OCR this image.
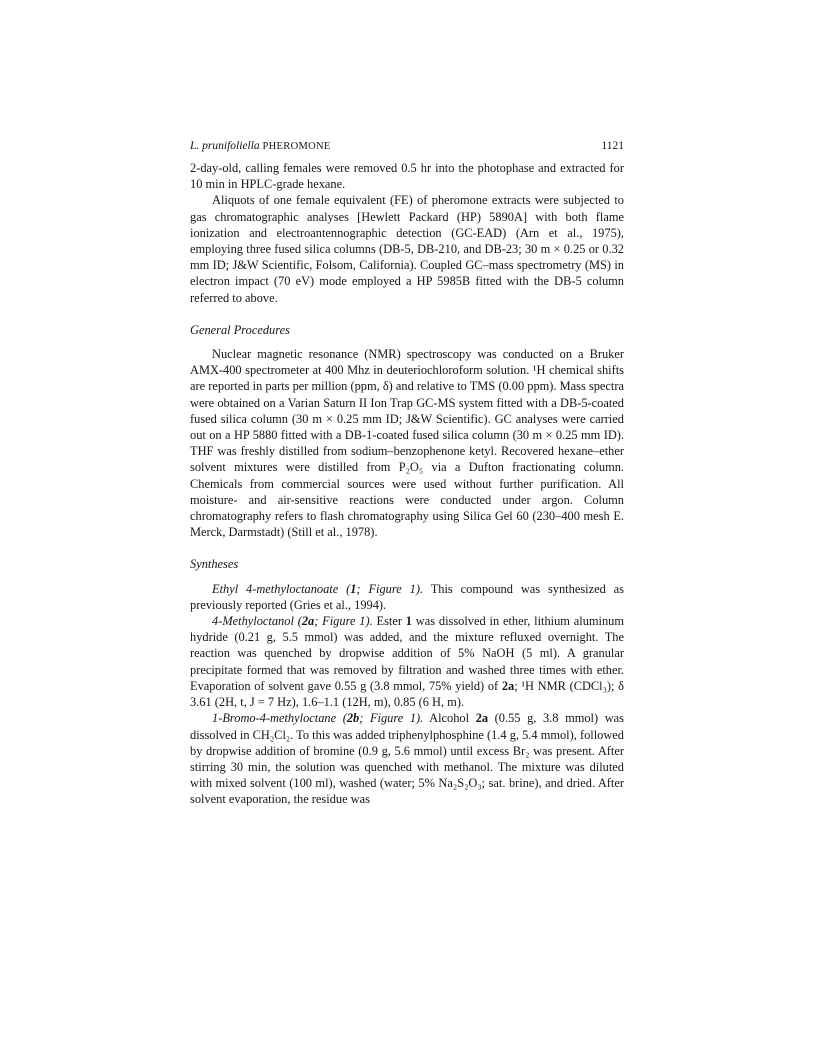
L. prunifoliella PHEROMONE	1121

2-day-old, calling females were removed 0.5 hr into the photophase and extracted for 10 min in HPLC-grade hexane.

Aliquots of one female equivalent (FE) of pheromone extracts were subjected to gas chromatographic analyses [Hewlett Packard (HP) 5890A] with both flame ionization and electroantennographic detection (GC-EAD) (Arn et al., 1975), employing three fused silica columns (DB-5, DB-210, and DB-23; 30 m × 0.25 or 0.32 mm ID; J&W Scientific, Folsom, California). Coupled GC–mass spectrometry (MS) in electron impact (70 eV) mode employed a HP 5985B fitted with the DB-5 column referred to above.

General Procedures

Nuclear magnetic resonance (NMR) spectroscopy was conducted on a Bruker AMX-400 spectrometer at 400 Mhz in deuteriochloroform solution. ¹H chemical shifts are reported in parts per million (ppm, δ) and relative to TMS (0.00 ppm). Mass spectra were obtained on a Varian Saturn II Ion Trap GC-MS system fitted with a DB-5-coated fused silica column (30 m × 0.25 mm ID; J&W Scientific). GC analyses were carried out on a HP 5880 fitted with a DB-1-coated fused silica column (30 m × 0.25 mm ID). THF was freshly distilled from sodium–benzophenone ketyl. Recovered hexane–ether solvent mixtures were distilled from P₂O₅ via a Dufton fractionating column. Chemicals from commercial sources were used without further purification. All moisture- and air-sensitive reactions were conducted under argon. Column chromatography refers to flash chromatography using Silica Gel 60 (230–400 mesh E. Merck, Darmstadt) (Still et al., 1978).

Syntheses

Ethyl 4-methyloctanoate (1; Figure 1). This compound was synthesized as previously reported (Gries et al., 1994).

4-Methyloctanol (2a; Figure 1). Ester 1 was dissolved in ether, lithium aluminum hydride (0.21 g, 5.5 mmol) was added, and the mixture refluxed overnight. The reaction was quenched by dropwise addition of 5% NaOH (5 ml). A granular precipitate formed that was removed by filtration and washed three times with ether. Evaporation of solvent gave 0.55 g (3.8 mmol, 75% yield) of 2a; ¹H NMR (CDCl₃); δ 3.61 (2H, t, J = 7 Hz), 1.6–1.1 (12H, m), 0.85 (6 H, m).

1-Bromo-4-methyloctane (2b; Figure 1). Alcohol 2a (0.55 g, 3.8 mmol) was dissolved in CH₂Cl₂. To this was added triphenylphosphine (1.4 g, 5.4 mmol), followed by dropwise addition of bromine (0.9 g, 5.6 mmol) until excess Br₂ was present. After stirring 30 min, the solution was quenched with methanol. The mixture was diluted with mixed solvent (100 ml), washed (water; 5% Na₂S₂O₃; sat. brine), and dried. After solvent evaporation, the residue was
